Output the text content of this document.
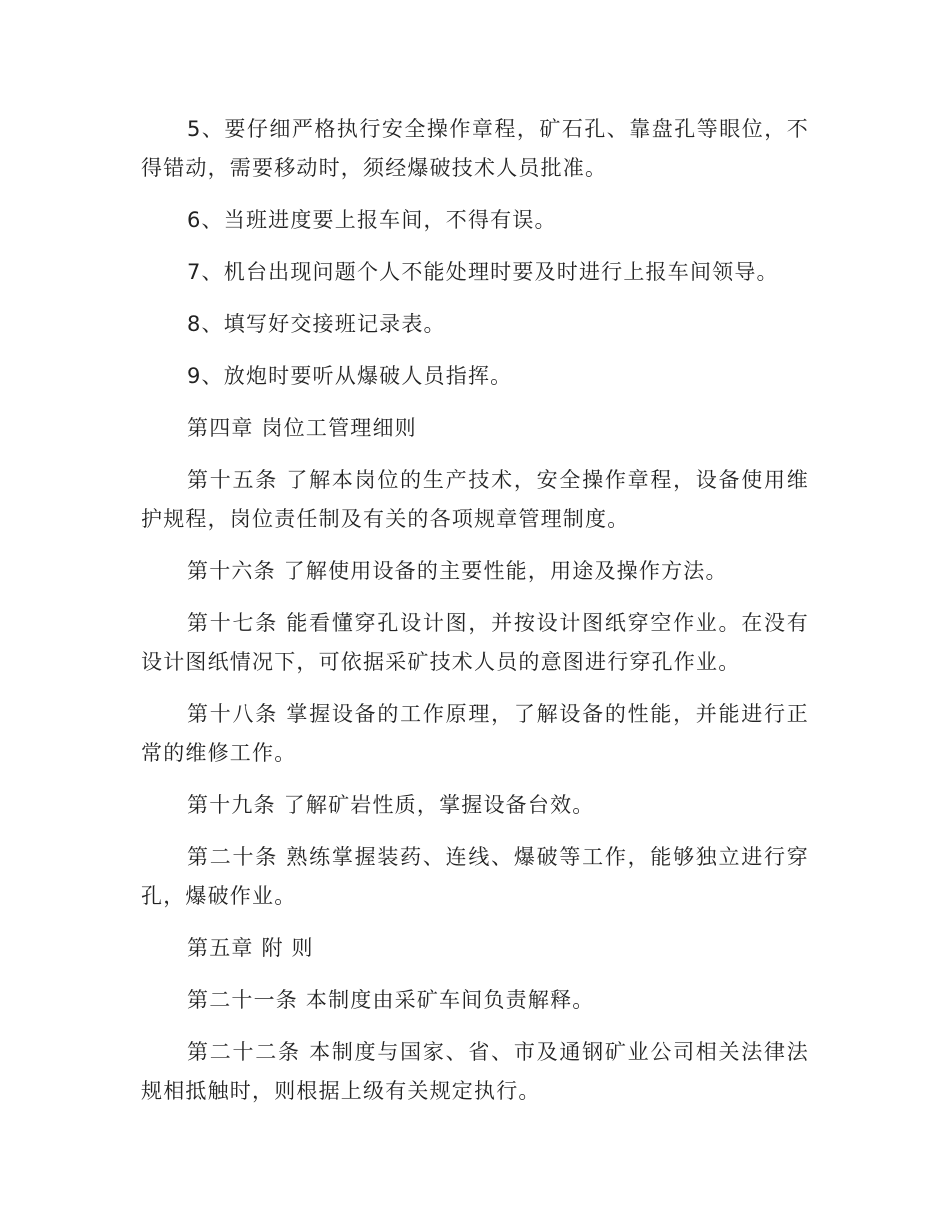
5、要仔细严格执行安全操作章程，矿石孔、靠盘孔等眼位，不得错动，需要移动时，须经爆破技术人员批准。

6、当班进度要上报车间，不得有误。

7、机台出现问题个人不能处理时要及时进行上报车间领导。

8、填写好交接班记录表。

9、放炮时要听从爆破人员指挥。

第四章 岗位工管理细则

第十五条 了解本岗位的生产技术，安全操作章程，设备使用维护规程，岗位责任制及有关的各项规章管理制度。

第十六条 了解使用设备的主要性能，用途及操作方法。

第十七条 能看懂穿孔设计图，并按设计图纸穿空作业。在没有设计图纸情况下，可依据采矿技术人员的意图进行穿孔作业。

第十八条 掌握设备的工作原理，了解设备的性能，并能进行正常的维修工作。

第十九条 了解矿岩性质，掌握设备台效。

第二十条 熟练掌握装药、连线、爆破等工作，能够独立进行穿孔，爆破作业。

第五章 附 则

第二十一条 本制度由采矿车间负责解释。

第二十二条 本制度与国家、省、市及通钢矿业公司相关法律法规相抵触时，则根据上级有关规定执行。
